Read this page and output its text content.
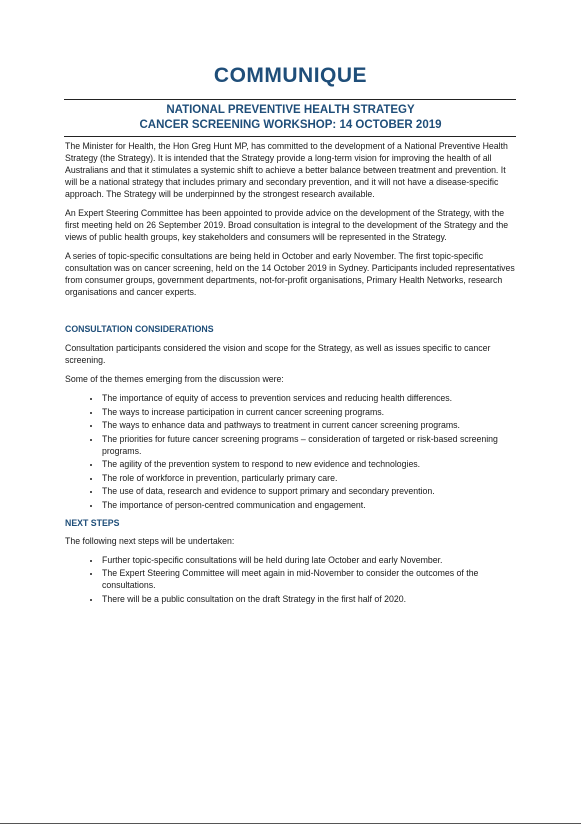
COMMUNIQUE
NATIONAL PREVENTIVE HEALTH STRATEGY
CANCER SCREENING WORKSHOP: 14 OCTOBER 2019

The Minister for Health, the Hon Greg Hunt MP, has committed to the development of a National Preventive Health Strategy (the Strategy). It is intended that the Strategy provide a long-term vision for improving the health of all Australians and that it stimulates a systemic shift to achieve a better balance between treatment and prevention. It will be a national strategy that includes primary and secondary prevention, and it will not have a disease-specific approach. The Strategy will be underpinned by the strongest research available.

An Expert Steering Committee has been appointed to provide advice on the development of the Strategy, with the first meeting held on 26 September 2019. Broad consultation is integral to the development of the Strategy and the views of public health groups, key stakeholders and consumers will be represented in the Strategy.

A series of topic-specific consultations are being held in October and early November. The first topic-specific consultation was on cancer screening, held on the 14 October 2019 in Sydney. Participants included representatives from consumer groups, government departments, not-for-profit organisations, Primary Health Networks, research organisations and cancer experts.

CONSULTATION CONSIDERATIONS

Consultation participants considered the vision and scope for the Strategy, as well as issues specific to cancer screening.

Some of the themes emerging from the discussion were:

• The importance of equity of access to prevention services and reducing health differences.
• The ways to increase participation in current cancer screening programs.
• The ways to enhance data and pathways to treatment in current cancer screening programs.
• The priorities for future cancer screening programs – consideration of targeted or risk-based screening programs.
• The agility of the prevention system to respond to new evidence and technologies.
• The role of workforce in prevention, particularly primary care.
• The use of data, research and evidence to support primary and secondary prevention.
• The importance of person-centred communication and engagement.
NEXT STEPS

The following next steps will be undertaken:

• Further topic-specific consultations will be held during late October and early November.
• The Expert Steering Committee will meet again in mid-November to consider the outcomes of the consultations.
• There will be a public consultation on the draft Strategy in the first half of 2020.
